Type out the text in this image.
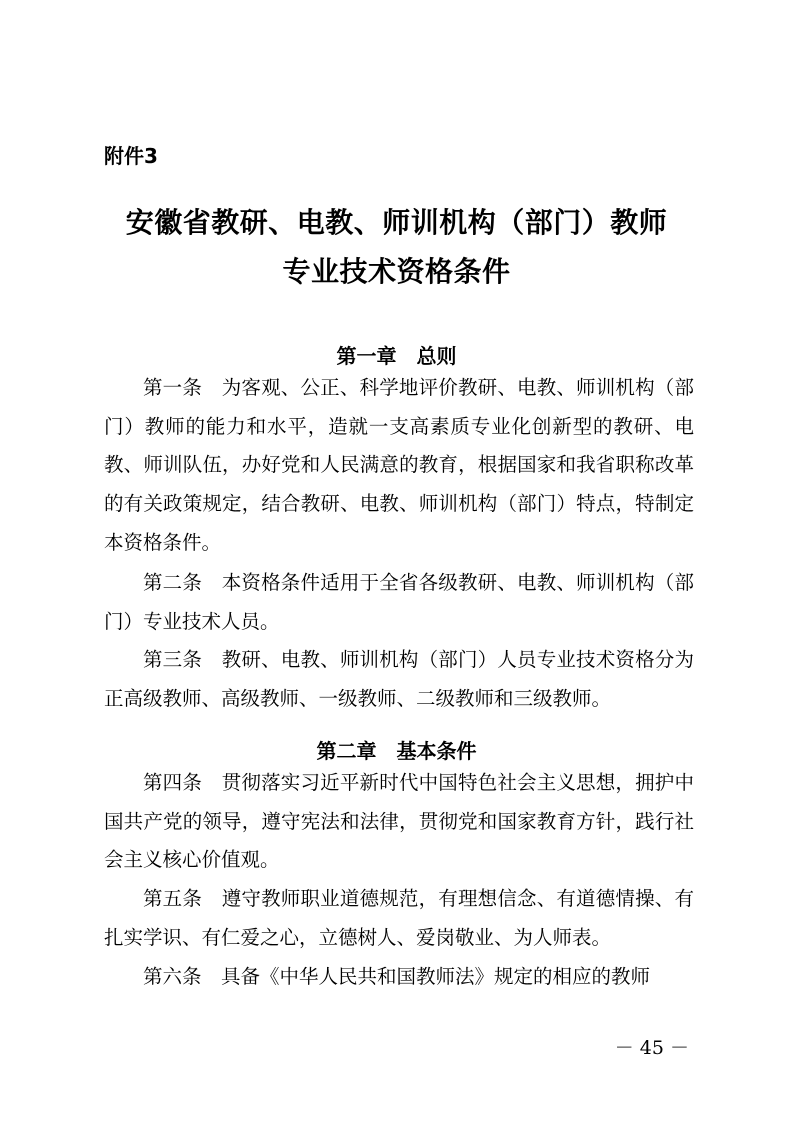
附件3
安徽省教研、电教、师训机构（部门）教师
专业技术资格条件
第一章　总则

第一条　为客观、公正、科学地评价教研、电教、师训机构（部门）教师的能力和水平，造就一支高素质专业化创新型的教研、电教、师训队伍，办好党和人民满意的教育，根据国家和我省职称改革的有关政策规定，结合教研、电教、师训机构（部门）特点，特制定本资格条件。

第二条　本资格条件适用于全省各级教研、电教、师训机构（部门）专业技术人员。

第三条　教研、电教、师训机构（部门）人员专业技术资格分为正高级教师、高级教师、一级教师、二级教师和三级教师。

第二章　基本条件

第四条　贯彻落实习近平新时代中国特色社会主义思想，拥护中国共产党的领导，遵守宪法和法律，贯彻党和国家教育方针，践行社会主义核心价值观。

第五条　遵守教师职业道德规范，有理想信念、有道德情操、有扎实学识、有仁爱之心，立德树人、爱岗敬业、为人师表。

第六条　具备《中华人民共和国教师法》规定的相应的教师

－ 45 －
